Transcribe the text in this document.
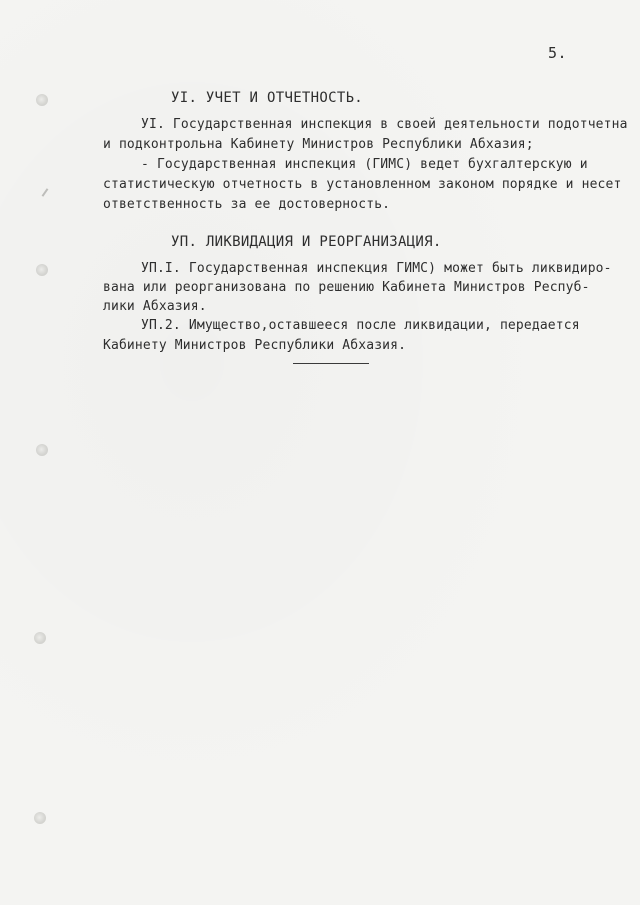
5.
УI. УЧЕТ И ОТЧЕТНОСТЬ.
УI. Государственная инспекция в своей деятельности подотчетна
и подконтрольна Кабинету Министров Республики Абхазия;
- Государственная инспекция (ГИМС) ведет бухгалтерскую и
статистическую отчетность в установленном законом порядке и несет
ответственность за ее достоверность.
УП. ЛИКВИДАЦИЯ И РЕОРГАНИЗАЦИЯ.
УП.I. Государственная инспекция ГИМС) может быть ликвидиро-
вана или реорганизована по решению Кабинета Министров Респуб-
лики Абхазия.
УП.2. Имущество,оставшееся после ликвидации, передается
Кабинету Министров Республики Абхазия.
